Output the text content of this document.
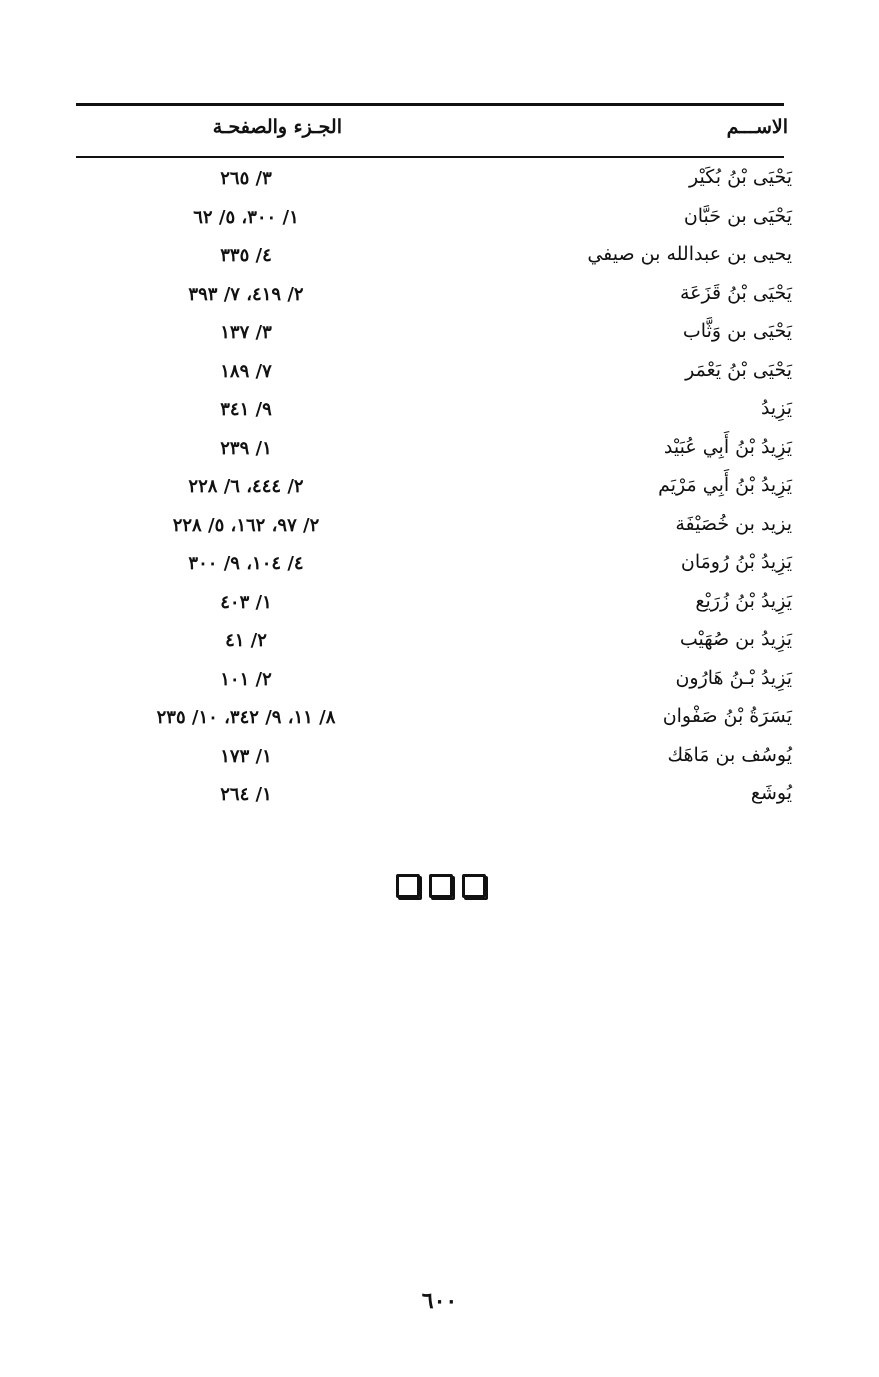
الاســـم
الجـزء والصفحـة
يَحْيَى بْنُ بُكَيْر
٣/ ٢٦٥
يَحْيَى بن حَبَّان
١/ ٣٠٠، ٥/ ٦٢
يحيى بن عبدالله بن صيفي
٤/ ٣٣٥
يَحْيَى بْنُ قَزَعَة
٢/ ٤١٩، ٧/ ٣٩٣
يَحْيَى بن وَثَّاب
٣/ ١٣٧
يَحْيَى بْنُ يَعْمَر
٧/ ١٨٩
يَزِيدُ
٩/ ٣٤١
يَزِيدُ بْنُ أَبِي عُبَيْد
١/ ٢٣٩
يَزِيدُ بْنُ أَبِي مَرْيَم
٢/ ٤٤٤، ٦/ ٢٢٨
يزيد بن خُصَيْفَة
٢/ ٩٧، ١٦٢، ٥/ ٢٢٨
يَزِيدُ بْنُ رُومَان
٤/ ١٠٤، ٩/ ٣٠٠
يَزِيدُ بْنُ زُرَيْع
١/ ٤٠٣
يَزِيدُ بن صُهَيْب
٢/ ٤١
يَزِيدُ بْـنُ هَارُون
٢/ ١٠١
يَسَرَةُ بْنُ صَفْوان
٨/ ١١، ٩/ ٣٤٢، ١٠/ ٢٣٥
يُوسُف بن مَاهَك
١/ ١٧٣
يُوشَع
١/ ٢٦٤
٦٠٠
